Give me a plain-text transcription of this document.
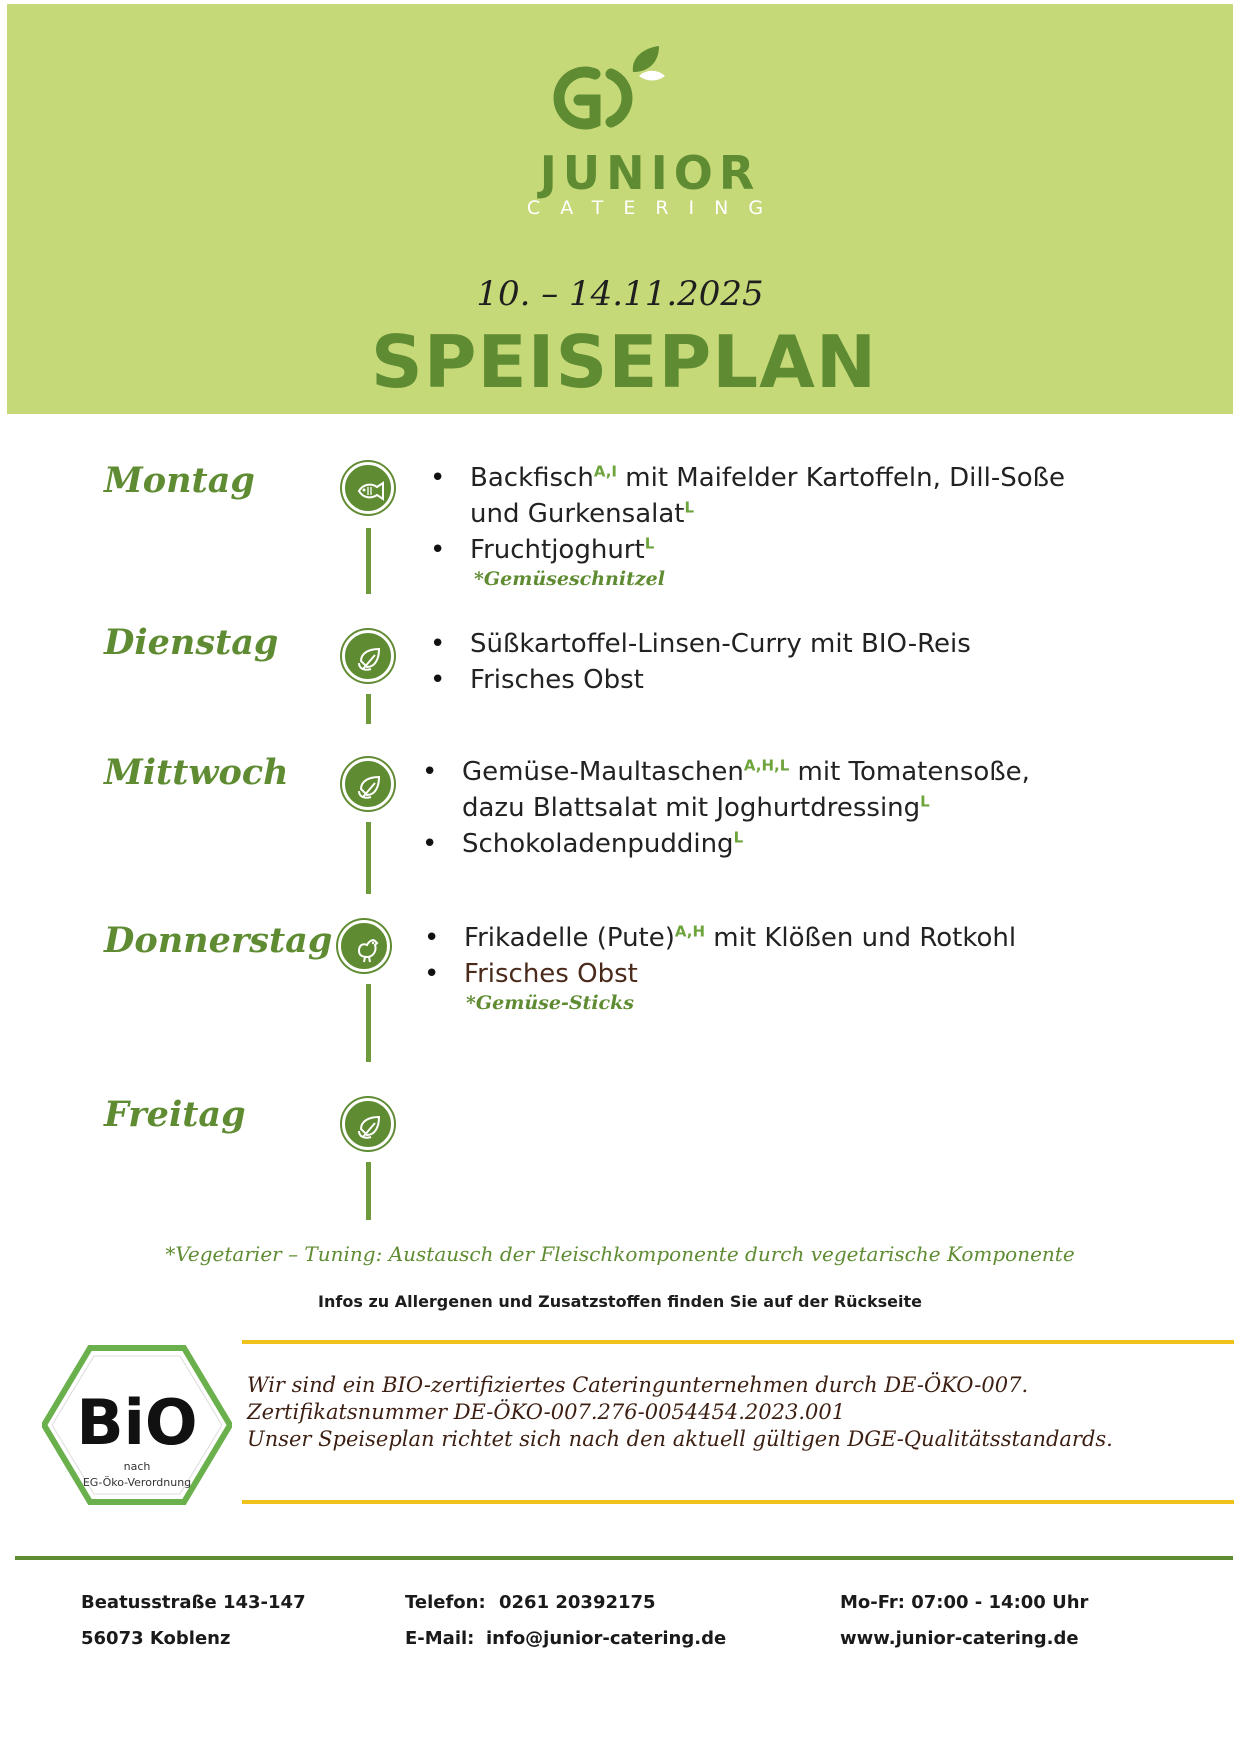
JUNIOR
CATERING
10. – 14.11.2025
SPEISEPLAN
Montag	• Backfisch$^{A,I}$ mit Maifelder Kartoffeln, Dill-Soße
und Gurkensalat$^L$
• Fruchtjoghurt$^L$
*Gemüseschnitzel
Dienstag	• Süßkartoffel-Linsen-Curry mit BIO-Reis
• Frisches Obst
Mittwoch	• Gemüse-Maultaschen$^{A,H,L}$ mit Tomatensoße,
dazu Blattsalat mit Joghurtdressing$^L$
• Schokoladenpudding$^L$
Donnerstag	• Frikadelle (Pute)$^{A,H}$ mit Klößen und Rotkohl
• Frisches Obst
*Gemüse-Sticks
Freitag
*Vegetarier – Tuning: Austausch der Fleischkomponente durch vegetarische Komponente
Infos zu Allergenen und Zusatzstoffen finden Sie auf der Rückseite
BiO
nach
EG-Öko-Verordnung
Wir sind ein BIO-zertifiziertes Cateringunternehmen durch DE-ÖKO-007.
Zertifikatsnummer DE-ÖKO-007.276-0054454.2023.001
Unser Speiseplan richtet sich nach den aktuell gültigen DGE-Qualitätsstandards.
Beatusstraße 143-147
56073 Koblenz
Telefon: 0261 20392175
E-Mail: info@junior-catering.de
Mo-Fr: 07:00 - 14:00 Uhr
www.junior-catering.de
